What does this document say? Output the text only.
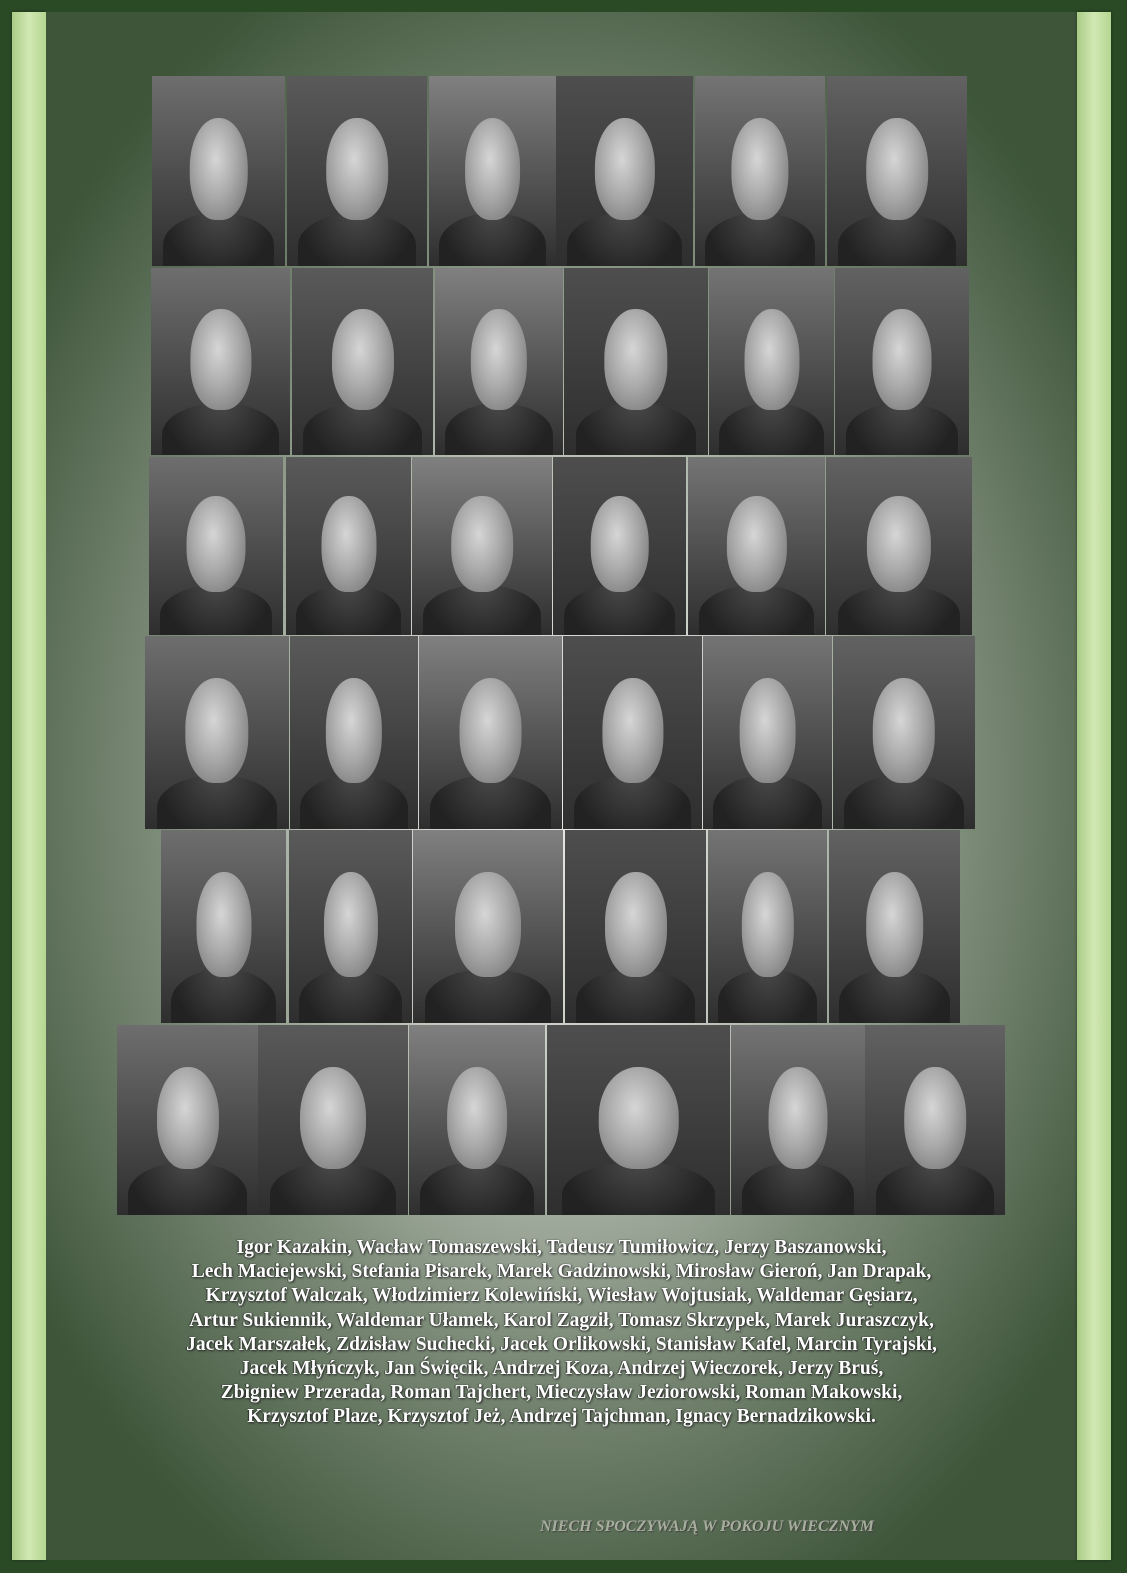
Igor Kazakin, Wacław Tomaszewski, Tadeusz Tumiłowicz, Jerzy Baszanowski,
Lech Maciejewski, Stefania Pisarek, Marek Gadzinowski, Mirosław Gieroń, Jan Drapak,
Krzysztof Walczak, Włodzimierz Kolewiński, Wiesław Wojtusiak, Waldemar Gęsiarz,
Artur Sukiennik, Waldemar Ułamek, Karol Zagził, Tomasz Skrzypek, Marek Juraszczyk,
Jacek Marszałek, Zdzisław Suchecki, Jacek Orlikowski, Stanisław Kafel, Marcin Tyrajski,
Jacek Młyńczyk, Jan Święcik, Andrzej Koza, Andrzej Wieczorek, Jerzy Bruś,
Zbigniew Przerada, Roman Tajchert, Mieczysław Jeziorowski, Roman Makowski,
Krzysztof Plaze, Krzysztof Jeż, Andrzej Tajchman, Ignacy Bernadzikowski.
NIECH SPOCZYWAJĄ W POKOJU WIECZNYM
